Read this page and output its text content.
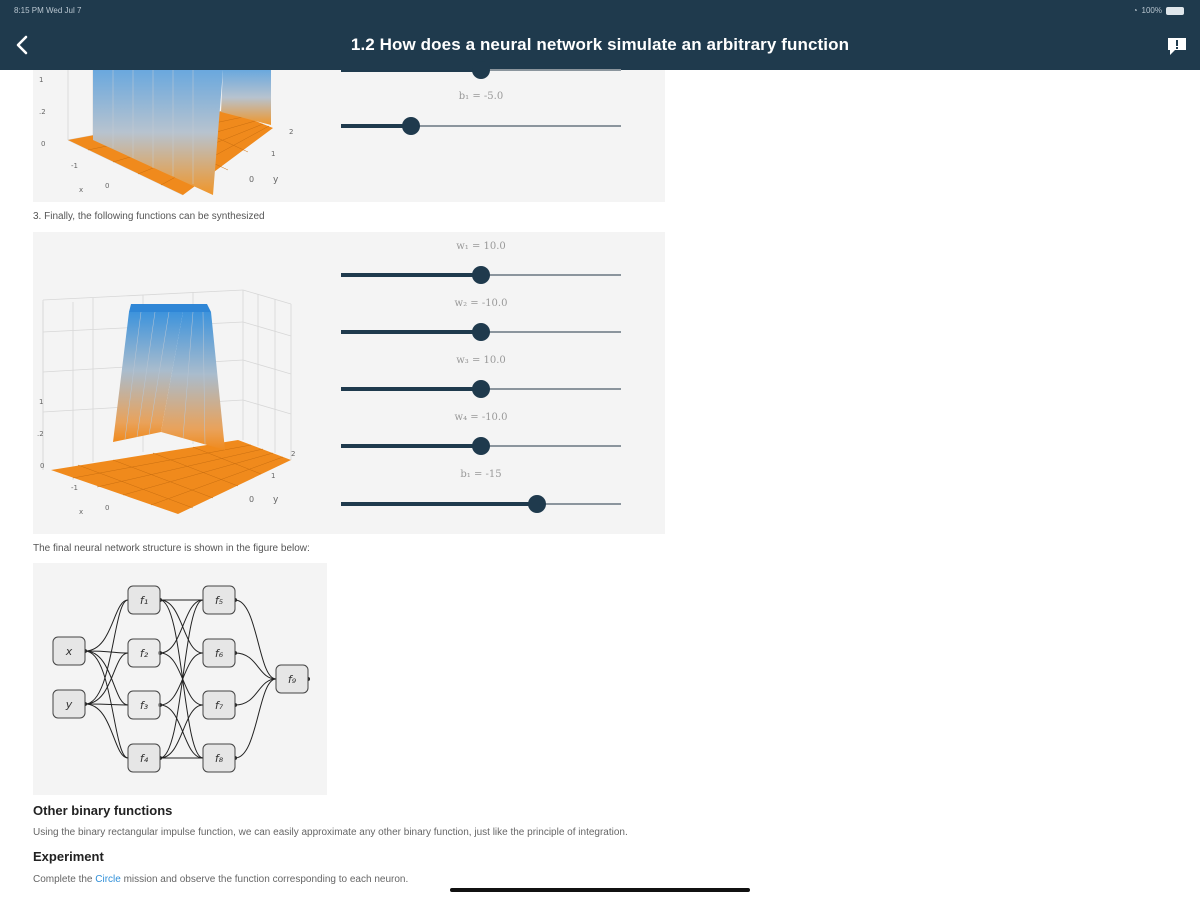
8:15 PM Wed Jul 7	◔ 100%
1.2 How does a neural network simulate an arbitrary function
1
.2
0
-1
0
x
2
1
0 y
b₁ = -5.0
3. Finally, the following functions can be synthesized
1
.2
0
-1
0
x
2
1
0 y
w₁ = 10.0
w₂ = -10.0
w₃ = 10.0
w₄ = -10.0
b₁ = -15
The final neural network structure is shown in the figure below:
x
y
f₁
f₂
f₃
f₄
f₅
f₆
f₇
f₈
f₉
Other binary functions
Using the binary rectangular impulse function, we can easily approximate any other binary function, just like the principle of integration.
Experiment
Complete the Circle mission and observe the function corresponding to each neuron.
